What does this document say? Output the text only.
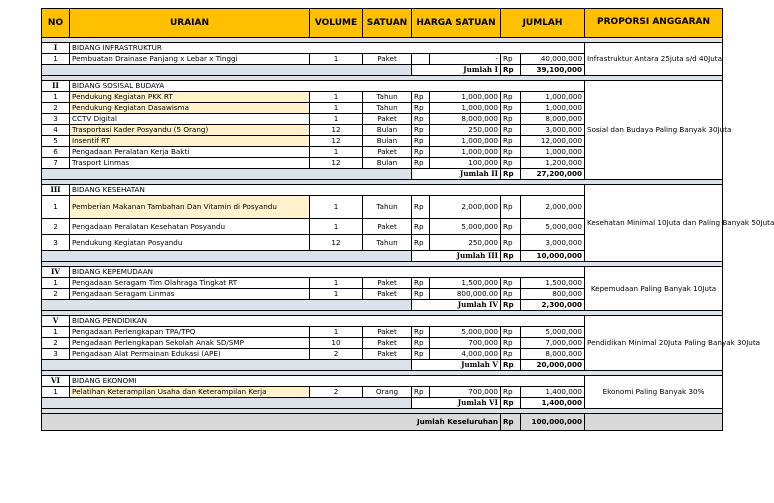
NO	URAIAN	VOLUME	SATUAN	HARGA SATUAN		JUMLAH		PROPORSI ANGGARAN

I	BIDANG INFRASTRUKTUR							Infrastruktur Antara 25juta s/d 40Juta
1	Pembuatan Drainase Panjang x Lebar x Tinggi	1	Paket		-	Rp	40,000,000	
				Jumlah I		Rp	39,100,000	

II	BIDANG SOSISAL BUDAYA							Sosial dan Budaya Paling Banyak 30Juta
1	Pendukung Kegiatan PKK RT	1	Tahun	Rp	1,000,000	Rp	1,000,000	
2	Pendukung Kegiatan Dasawisma	1	Tahun	Rp	1,000,000	Rp	1,000,000	
3	CCTV Digital	1	Paket	Rp	8,000,000	Rp	8,000,000	
4	Trasportasi Kader Posyandu (5 Orang)	12	Bulan	Rp	250,000	Rp	3,000,000	
5	Insentif RT	12	Bulan	Rp	1,000,000	Rp	12,000,000	
6	Pengadaan Peralatan Kerja Bakti	1	Paket	Rp	1,000,000	Rp	1,000,000	
7	Trasport Linmas	12	Bulan	Rp	100,000	Rp	1,200,000	
				Jumlah II		Rp	27,200,000	

III	BIDANG KESEHATAN							Kesehatan Minimal 10Juta dan Paling Banyak 50Juta
1	Pemberian Makanan Tambahan Dan Vitamin di Posyandu	1	Tahun	Rp	2,000,000	Rp	2,000,000	
2	Pengadaan Peralatan Kesehatan Posyandu	1	Paket	Rp	5,000,000	Rp	5,000,000	
3	Pendukung Kegiatan Posyandu	12	Tahun	Rp	250,000	Rp	3,000,000	
				Jumlah III		Rp	10,000,000	

IV	BIDANG KEPEMUDAAN							Kepemudaan Paling Banyak 10Juta
1	Pengadaan Seragam Tim Olahraga Tingkat RT	1	Paket	Rp	1,500,000	Rp	1,500,000	
2	Pengadaan Seragam Linmas	1	Paket	Rp	800,000.00	Rp	800,000	
				Jumlah IV		Rp	2,300,000	

V	BIDANG PENDIDIKAN							Pendidikan Minimal 20Juta Paling Banyak 30Juta
1	Pengadaan Perlengkapan TPA/TPQ	1	Paket	Rp	5,000,000	Rp	5,000,000	
2	Pengadaan Perlengkapan Sekolah Anak SD/SMP	10	Paket	Rp	700,000	Rp	7,000,000	
3	Pengadaan Alat Permainan Edukasi (APE)	2	Paket	Rp	4,000,000	Rp	8,000,000	
				Jumlah V		Rp	20,000,000	

VI	BIDANG EKONOMI							Ekonomi Paling Banyak 30%
1	Pelatihan Keterampilan Usaha dan Keterampilan Kerja	2	Orang	Rp	700,000	Rp	1,400,000	
				Jumlah VI		Rp	1,400,000	

Jumlah Keseluruhan						Rp	100,000,000	
